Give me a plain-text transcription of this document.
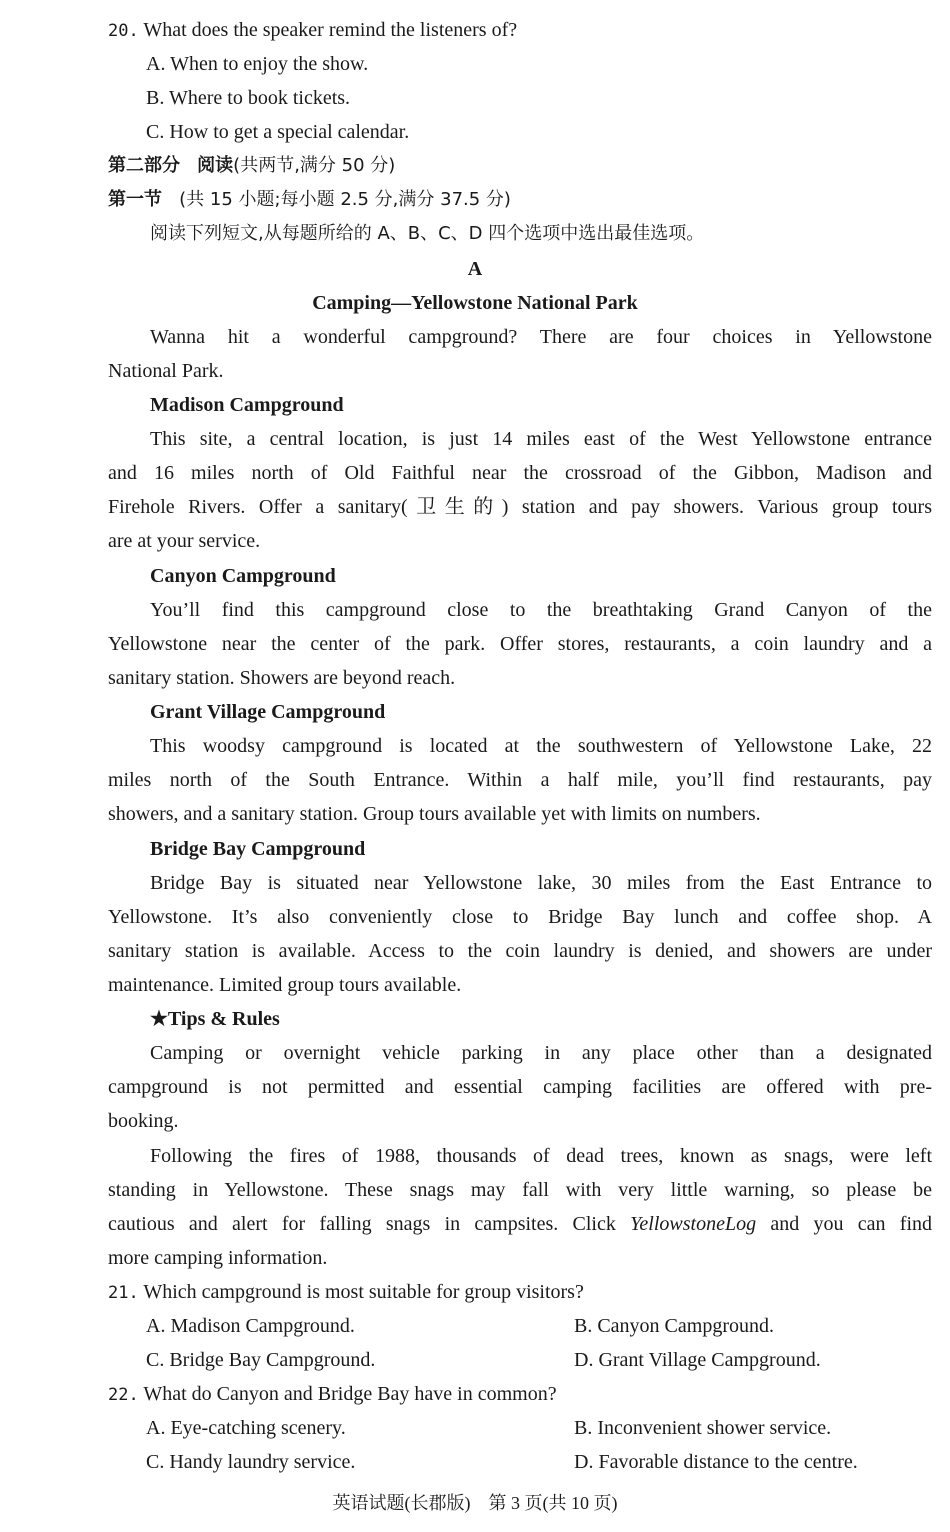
20. What does the speaker remind the listeners of?
A. When to enjoy the show.
B. Where to book tickets.
C. How to get a special calendar.
第二部分 阅读(共两节,满分 50 分)
第一节 (共 15 小题;每小题 2.5 分,满分 37.5 分)
阅读下列短文,从每题所给的 A、B、C、D 四个选项中选出最佳选项。
A
Camping—Yellowstone National Park
Wanna hit a wonderful campground? There are four choices in Yellowstone
National Park.
Madison Campground
This site, a central location, is just 14 miles east of the West Yellowstone entrance
and 16 miles north of Old Faithful near the crossroad of the Gibbon, Madison and
Firehole Rivers. Offer a sanitary(卫生的) station and pay showers. Various group tours
are at your service.
Canyon Campground
You’ll find this campground close to the breathtaking Grand Canyon of the
Yellowstone near the center of the park. Offer stores, restaurants, a coin laundry and a
sanitary station. Showers are beyond reach.
Grant Village Campground
This woodsy campground is located at the southwestern of Yellowstone Lake, 22
miles north of the South Entrance. Within a half mile, you’ll find restaurants, pay
showers, and a sanitary station. Group tours available yet with limits on numbers.
Bridge Bay Campground
Bridge Bay is situated near Yellowstone lake, 30 miles from the East Entrance to
Yellowstone. It’s also conveniently close to Bridge Bay lunch and coffee shop. A
sanitary station is available. Access to the coin laundry is denied, and showers are under
maintenance. Limited group tours available.
★Tips & Rules
Camping or overnight vehicle parking in any place other than a designated
campground is not permitted and essential camping facilities are offered with pre-
booking.
Following the fires of 1988, thousands of dead trees, known as snags, were left
standing in Yellowstone. These snags may fall with very little warning, so please be
cautious and alert for falling snags in campsites. Click YellowstoneLog and you can find
more camping information.
21. Which campground is most suitable for group visitors?
A. Madison Campground.	B. Canyon Campground.
C. Bridge Bay Campground.	D. Grant Village Campground.
22. What do Canyon and Bridge Bay have in common?
A. Eye-catching scenery.	B. Inconvenient shower service.
C. Handy laundry service.	D. Favorable distance to the centre.
英语试题(长郡版)　第 3 页(共 10 页)
